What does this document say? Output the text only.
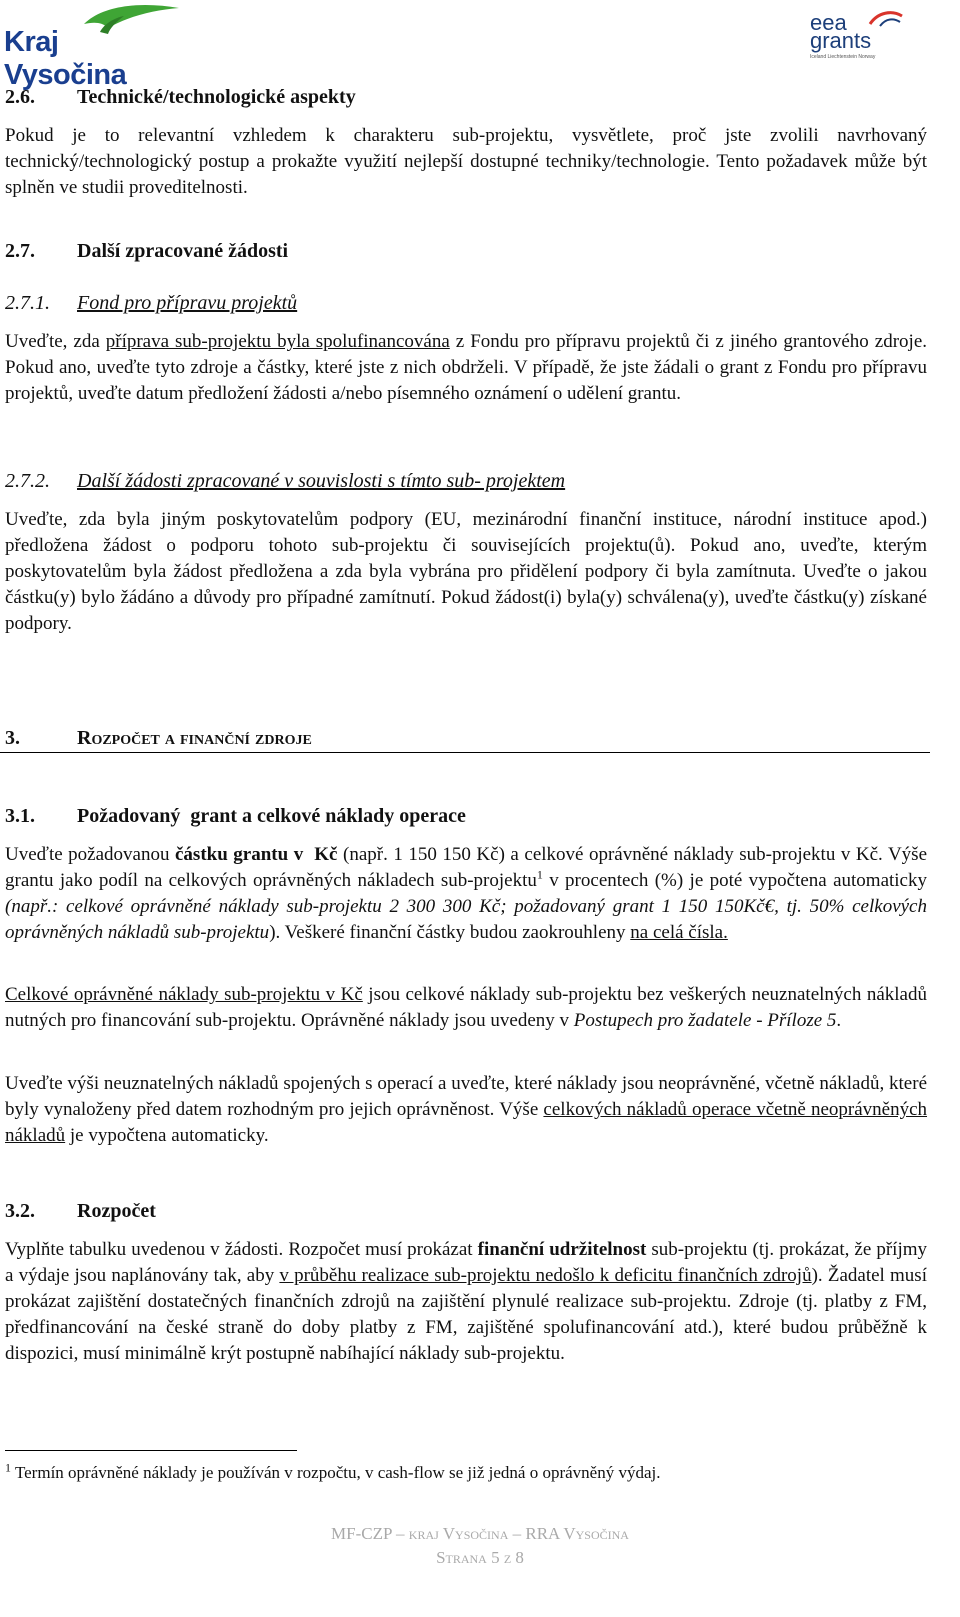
Kraj Vysočina
eea
grants
Iceland Liechtenstein Norway
2.6. Technické/technologické aspekty

Pokud je to relevantní vzhledem k charakteru sub-projektu, vysvětlete, proč jste zvolili navrhovaný technický/technologický postup a prokažte využití nejlepší dostupné techniky/technologie. Tento požadavek může být splněn ve studii proveditelnosti.

2.7. Další zpracované žádosti
2.7.1. Fond pro přípravu projektů

Uveďte, zda příprava sub-projektu byla spolufinancována z Fondu pro přípravu projektů či z jiného grantového zdroje. Pokud ano, uveďte tyto zdroje a částky, které jste z nich obdrželi. V případě, že jste žádali o grant z Fondu pro přípravu projektů, uveďte datum předložení žádosti a/nebo písemného oznámení o udělení grantu.

2.7.2. Další žádosti zpracované v souvislosti s tímto sub- projektem

Uveďte, zda byla jiným poskytovatelům podpory (EU, mezinárodní finanční instituce, národní instituce apod.) předložena žádost o podporu tohoto sub-projektu či souvisejících projektu(ů). Pokud ano, uveďte, kterým poskytovatelům byla žádost předložena a zda byla vybrána pro přidělení podpory či byla zamítnuta. Uveďte o jakou částku(y) bylo žádáno a důvody pro případné zamítnutí. Pokud žádost(i) byla(y) schválena(y), uveďte částku(y) získané podpory.

3.	Rozpočet a finanční zdroje
3.1. Požadovaný  grant a celkové náklady operace

Uveďte požadovanou částku grantu v  Kč (např. 1 150 150 Kč) a celkové oprávněné náklady sub-projektu v Kč. Výše grantu jako podíl na celkových oprávněných nákladech sub-projektu$^1$ v procentech (%) je poté vypočtena automaticky (např.: celkové oprávněné náklady sub-projektu 2 300 300 Kč; požadovaný grant 1 150 150Kč€, tj. 50% celkových oprávněných nákladů sub-projektu). Veškeré finanční částky budou zaokrouhleny na celá čísla.

Celkové oprávněné náklady sub-projektu v Kč jsou celkové náklady sub-projektu bez veškerých neuznatelných nákladů nutných pro financování sub-projektu. Oprávněné náklady jsou uvedeny v Postupech pro žadatele - Příloze 5.

Uveďte výši neuznatelných nákladů spojených s operací a uveďte, které náklady jsou neoprávněné, včetně nákladů, které byly vynaloženy před datem rozhodným pro jejich oprávněnost. Výše celkových nákladů operace včetně neoprávněných nákladů je vypočtena automaticky.

3.2. Rozpočet

Vyplňte tabulku uvedenou v žádosti. Rozpočet musí prokázat finanční udržitelnost sub-projektu (tj. prokázat, že příjmy a výdaje jsou naplánovány tak, aby v průběhu realizace sub-projektu nedošlo k deficitu finančních zdrojů). Žadatel musí prokázat zajištění dostatečných finančních zdrojů na zajištění plynulé realizace sub-projektu. Zdroje (tj. platby z FM, předfinancování na české straně do doby platby z FM, zajištěné spolufinancování atd.), které budou průběžně k dispozici, musí minimálně krýt postupně nabíhající náklady sub-projektu.

$^1$ Termín oprávněné náklady je používán v rozpočtu, v cash-flow se již jedná o oprávněný výdaj.
MF-CZP – kraj Vysočina – RRA Vysočina
Strana 5 z 8
